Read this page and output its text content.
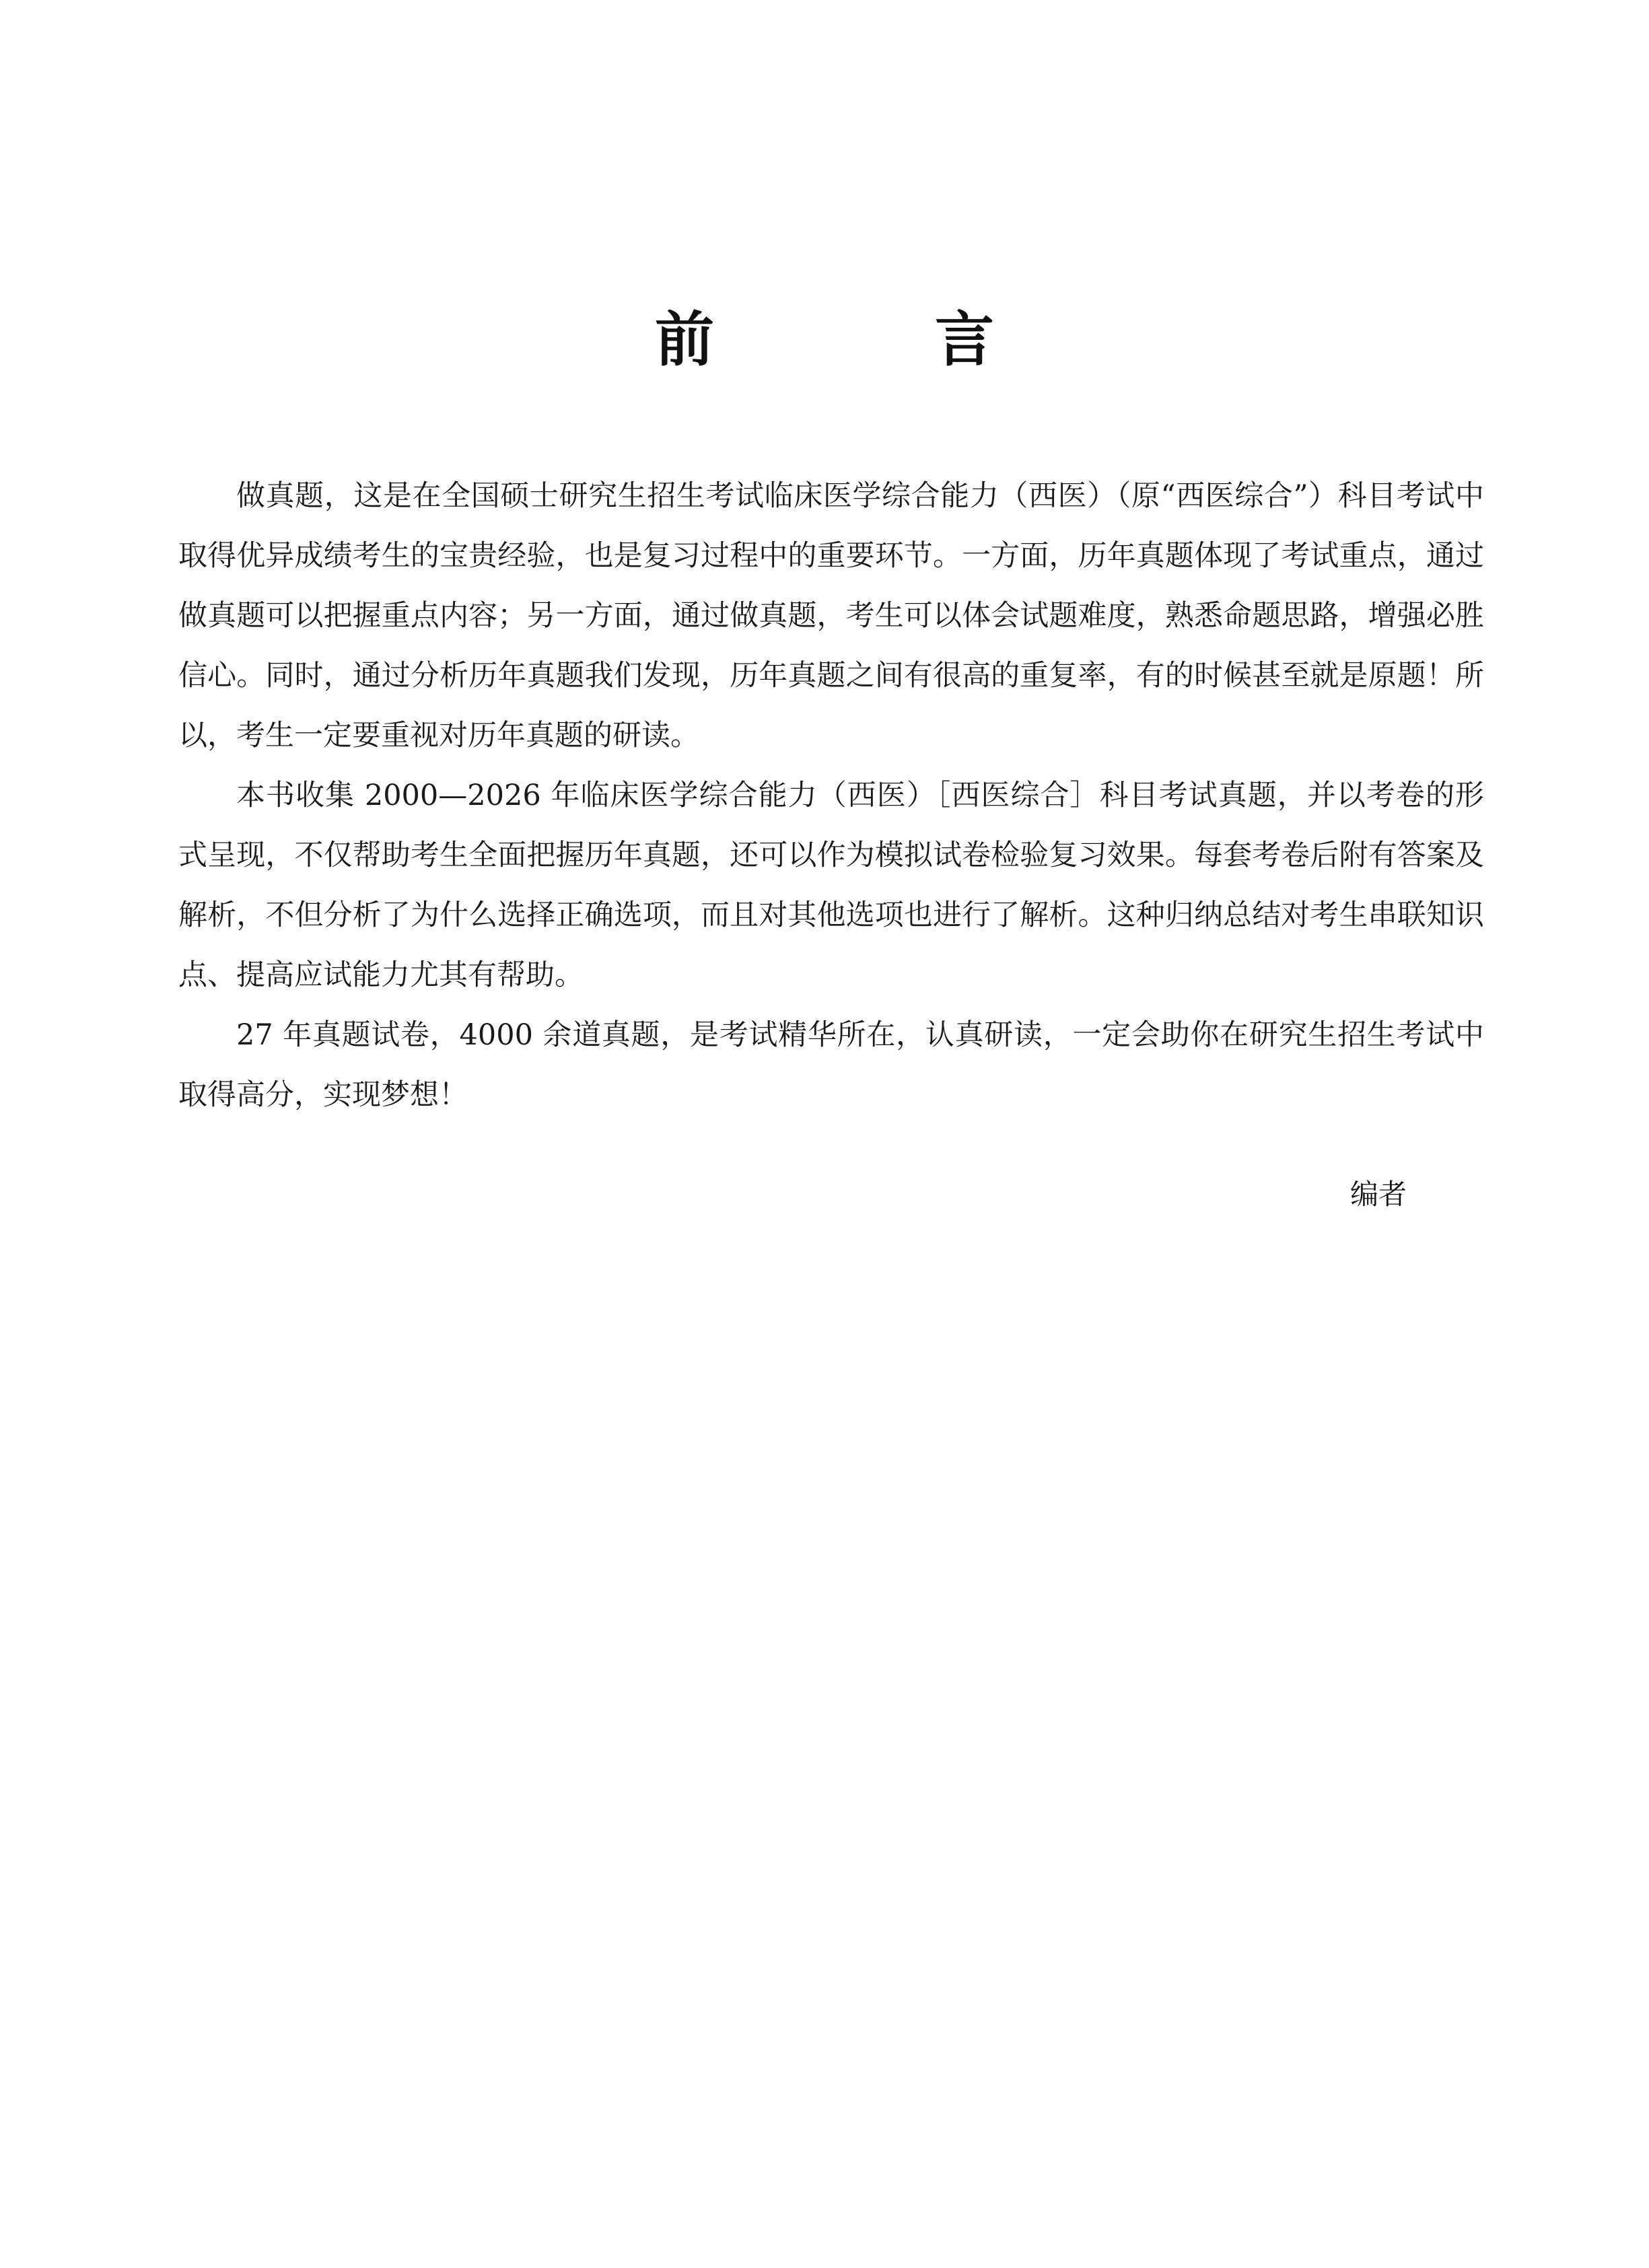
前　言

做真题，这是在全国硕士研究生招生考试临床医学综合能力（西医）（原“西医综合”）科目考试中取得优异成绩考生的宝贵经验，也是复习过程中的重要环节。一方面，历年真题体现了考试重点，通过做真题可以把握重点内容；另一方面，通过做真题，考生可以体会试题难度，熟悉命题思路，增强必胜信心。同时，通过分析历年真题我们发现，历年真题之间有很高的重复率，有的时候甚至就是原题！所以，考生一定要重视对历年真题的研读。

本书收集 2000—2026 年临床医学综合能力（西医）［西医综合］科目考试真题，并以考卷的形式呈现，不仅帮助考生全面把握历年真题，还可以作为模拟试卷检验复习效果。每套考卷后附有答案及解析，不但分析了为什么选择正确选项，而且对其他选项也进行了解析。这种归纳总结对考生串联知识点、提高应试能力尤其有帮助。

27 年真题试卷，4000 余道真题，是考试精华所在，认真研读，一定会助你在研究生招生考试中取得高分，实现梦想！

编者
